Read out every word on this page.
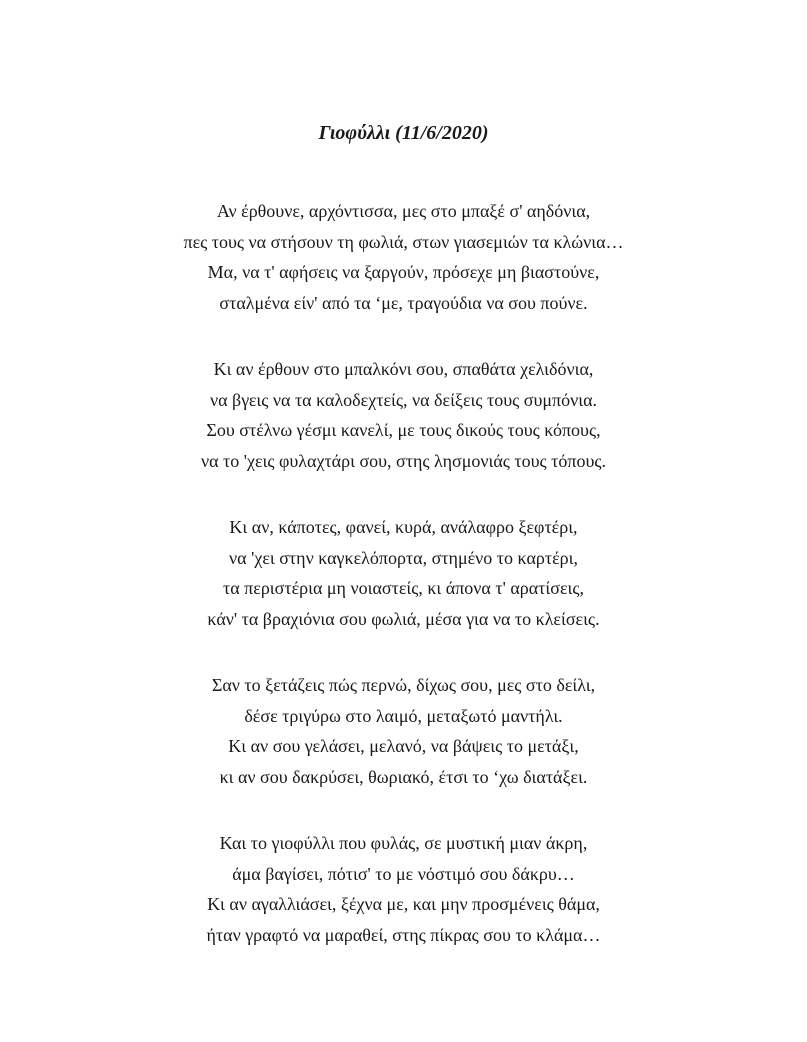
Γιοφύλλι (11/6/2020)
Αν έρθουνε, αρχόντισσα, μες στο μπαξέ σ' αηδόνια,
πες τους να στήσουν τη φωλιά, στων γιασεμιών τα κλώνια…
Μα, να τ' αφήσεις να ξαργούν, πρόσεχε μη βιαστούνε,
σταλμένα είν' από τα ‘με, τραγούδια να σου πούνε.
Κι αν έρθουν στο μπαλκόνι σου, σπαθάτα χελιδόνια,
να βγεις να τα καλοδεχτείς, να δείξεις τους συμπόνια.
Σου στέλνω γέσμι κανελί, με τους δικούς τους κόπους,
να το 'χεις φυλαχτάρι σου, στης λησμονιάς τους τόπους.
Κι αν, κάποτες, φανεί, κυρά, ανάλαφρο ξεφτέρι,
να 'χει στην καγκελόπορτα, στημένο το καρτέρι,
τα περιστέρια μη νοιαστείς, κι άπονα τ' αρατίσεις,
κάν' τα βραχιόνια σου φωλιά, μέσα για να το κλείσεις.
Σαν το ξετάζεις πώς περνώ, δίχως σου, μες στο δείλι,
δέσε τριγύρω στο λαιμό, μεταξωτό μαντήλι.
Κι αν σου γελάσει, μελανό, να βάψεις το μετάξι,
κι αν σου δακρύσει, θωριακό, έτσι το ‘χω διατάξει.
Και το γιοφύλλι που φυλάς, σε μυστική μιαν άκρη,
άμα βαγίσει, πότισ' το με νόστιμό σου δάκρυ…
Κι αν αγαλλιάσει, ξέχνα με, και μην προσμένεις θάμα,
ήταν γραφτό να μαραθεί, στης πίκρας σου το κλάμα…
